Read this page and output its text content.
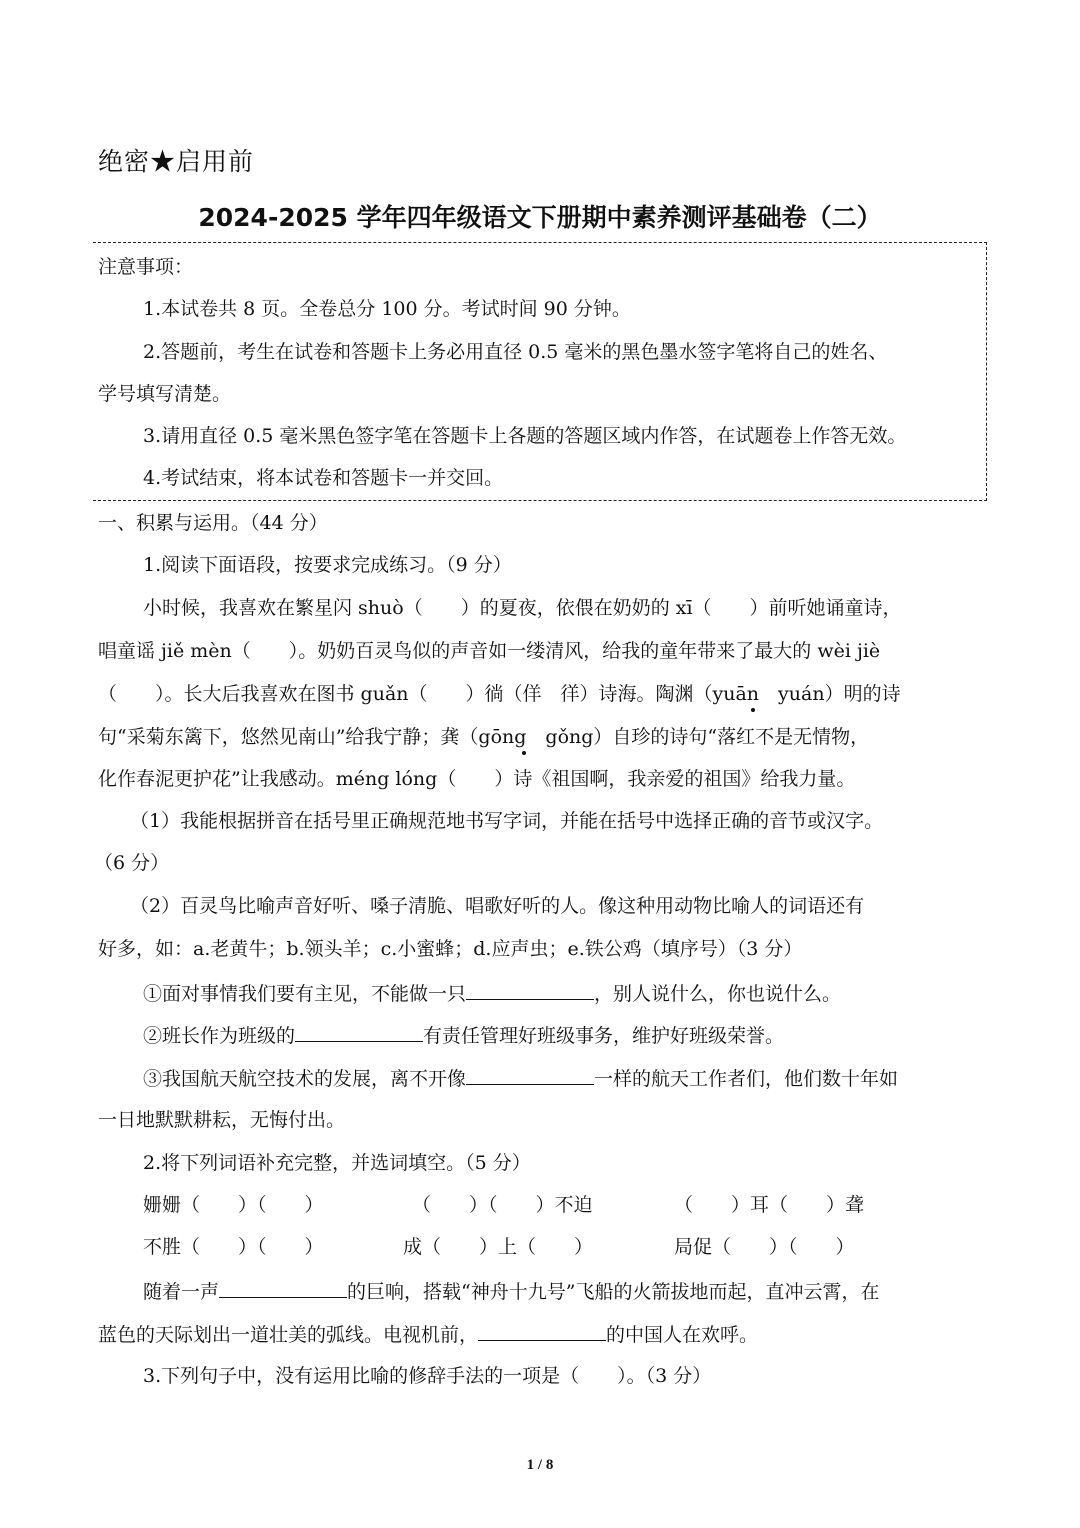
绝密★启用前
2024-2025 学年四年级语文下册期中素养测评基础卷（二）
注意事项：
1.本试卷共 8 页。全卷总分 100 分。考试时间 90 分钟。
2.答题前，考生在试卷和答题卡上务必用直径 0.5 毫米的黑色墨水签字笔将自己的姓名、
学号填写清楚。
3.请用直径 0.5 毫米黑色签字笔在答题卡上各题的答题区域内作答，在试题卷上作答无效。
4.考试结束，将本试卷和答题卡一并交回。
一、积累与运用。（44 分）
1.阅读下面语段，按要求完成练习。（9 分）
小时候，我喜欢在繁星闪 shuò（　　）的夏夜，依偎在奶奶的 xī（　　）前听她诵童诗，
唱童谣 jiě mèn（　　）。奶奶百灵鸟似的声音如一缕清风，给我的童年带来了最大的 wèi jiè
（　　）。长大后我喜欢在图书 guǎn（　　）徜（佯　徉）诗海。陶渊（yuān　yuán）明的诗
句“采菊东篱下，悠然见南山”给我宁静；龚（gōng　gǒng）自珍的诗句“落红不是无情物，
化作春泥更护花”让我感动。méng lóng（　　）诗《祖国啊，我亲爱的祖国》给我力量。
（1）我能根据拼音在括号里正确规范地书写字词，并能在括号中选择正确的音节或汉字。
（6 分）
（2）百灵鸟比喻声音好听、嗓子清脆、唱歌好听的人。像这种用动物比喻人的词语还有
好多，如：a.老黄牛；b.领头羊；c.小蜜蜂；d.应声虫；e.铁公鸡（填序号）（3 分）
①面对事情我们要有主见，不能做一只	，别人说什么，你也说什么。
②班长作为班级的	有责任管理好班级事务，维护好班级荣誉。
③我国航天航空技术的发展，离不开像	一样的航天工作者们，他们数十年如
一日地默默耕耘，无悔付出。
2.将下列词语补充完整，并选词填空。（5 分）
姗姗（　　）（　　）	（　　）（　　）不迫	（　　）耳（　　）聋
不胜（　　）（　　）	成（　　）上（　　）	局促（　　）（　　）
随着一声	的巨响，搭载“神舟十九号”飞船的火箭拔地而起，直冲云霄，在
蓝色的天际划出一道壮美的弧线。电视机前，	的中国人在欢呼。
3.下列句子中，没有运用比喻的修辞手法的一项是（　　）。（3 分）
1 / 8
